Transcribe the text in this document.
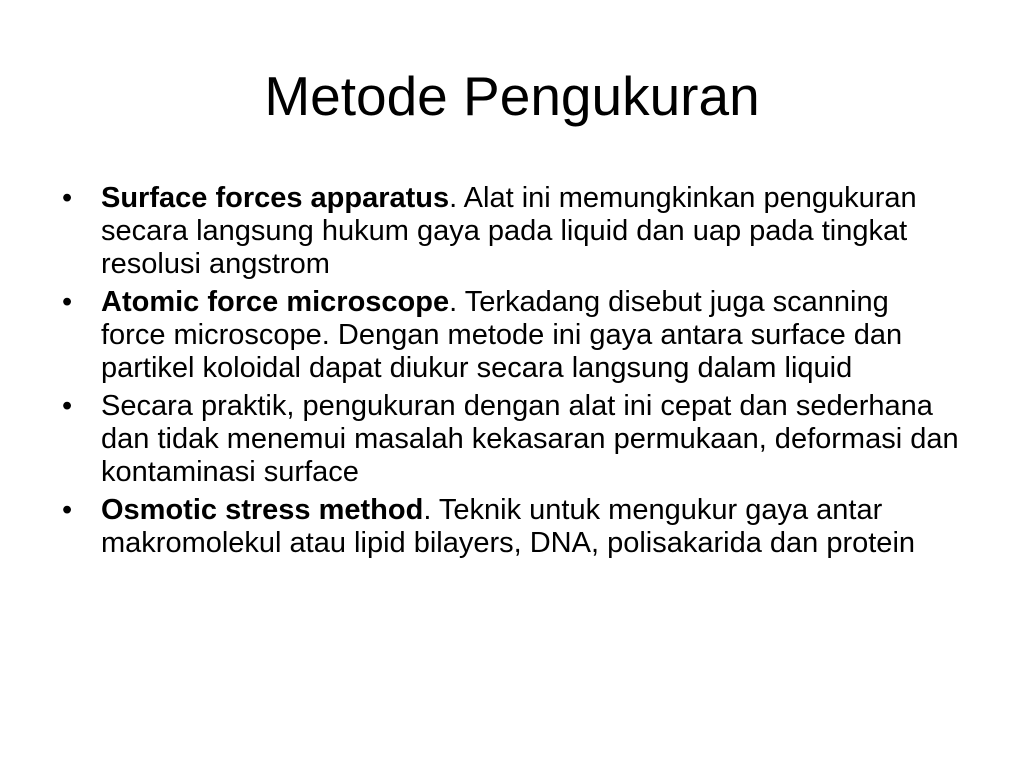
Metode Pengukuran
• Surface forces apparatus. Alat ini memungkinkan pengukuran secara langsung hukum gaya pada liquid dan uap pada tingkat resolusi angstrom
• Atomic force microscope. Terkadang disebut juga scanning force microscope. Dengan metode ini gaya antara surface dan partikel koloidal dapat diukur secara langsung dalam liquid
• Secara praktik, pengukuran dengan alat ini cepat dan sederhana dan tidak menemui masalah kekasaran permukaan, deformasi dan kontaminasi surface
• Osmotic stress method. Teknik untuk mengukur gaya antar makromolekul atau lipid bilayers, DNA, polisakarida dan protein
